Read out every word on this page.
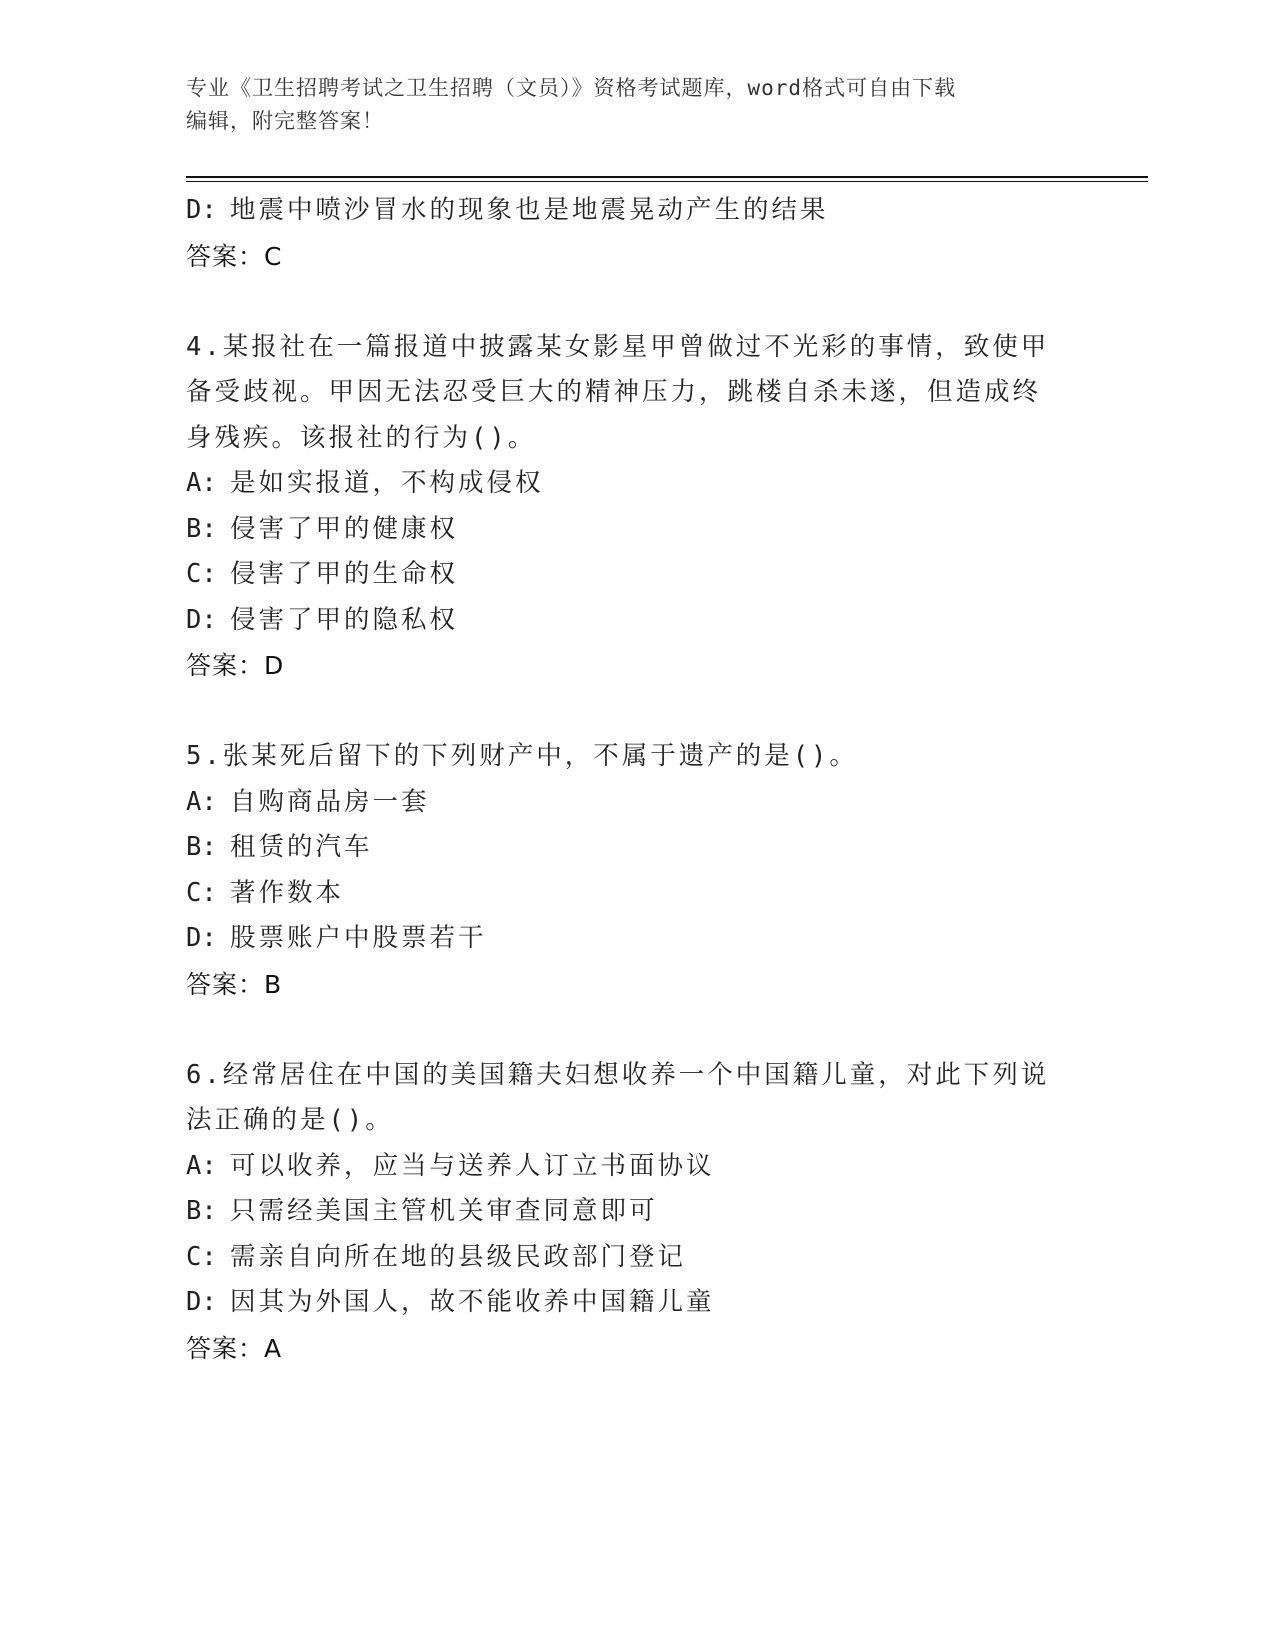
专业《卫生招聘考试之卫生招聘（文员）》资格考试题库，word格式可自由下载
编辑，附完整答案！
D: 地震中喷沙冒水的现象也是地震晃动产生的结果
答案：C
4.某报社在一篇报道中披露某女影星甲曾做过不光彩的事情，致使甲
备受歧视。甲因无法忍受巨大的精神压力，跳楼自杀未遂，但造成终
身残疾。该报社的行为()。
A: 是如实报道，不构成侵权
B: 侵害了甲的健康权
C: 侵害了甲的生命权
D: 侵害了甲的隐私权
答案：D
5.张某死后留下的下列财产中，不属于遗产的是()。
A: 自购商品房一套
B: 租赁的汽车
C: 著作数本
D: 股票账户中股票若干
答案：B
6.经常居住在中国的美国籍夫妇想收养一个中国籍儿童，对此下列说
法正确的是()。
A: 可以收养，应当与送养人订立书面协议
B: 只需经美国主管机关审查同意即可
C: 需亲自向所在地的县级民政部门登记
D: 因其为外国人，故不能收养中国籍儿童
答案：A
